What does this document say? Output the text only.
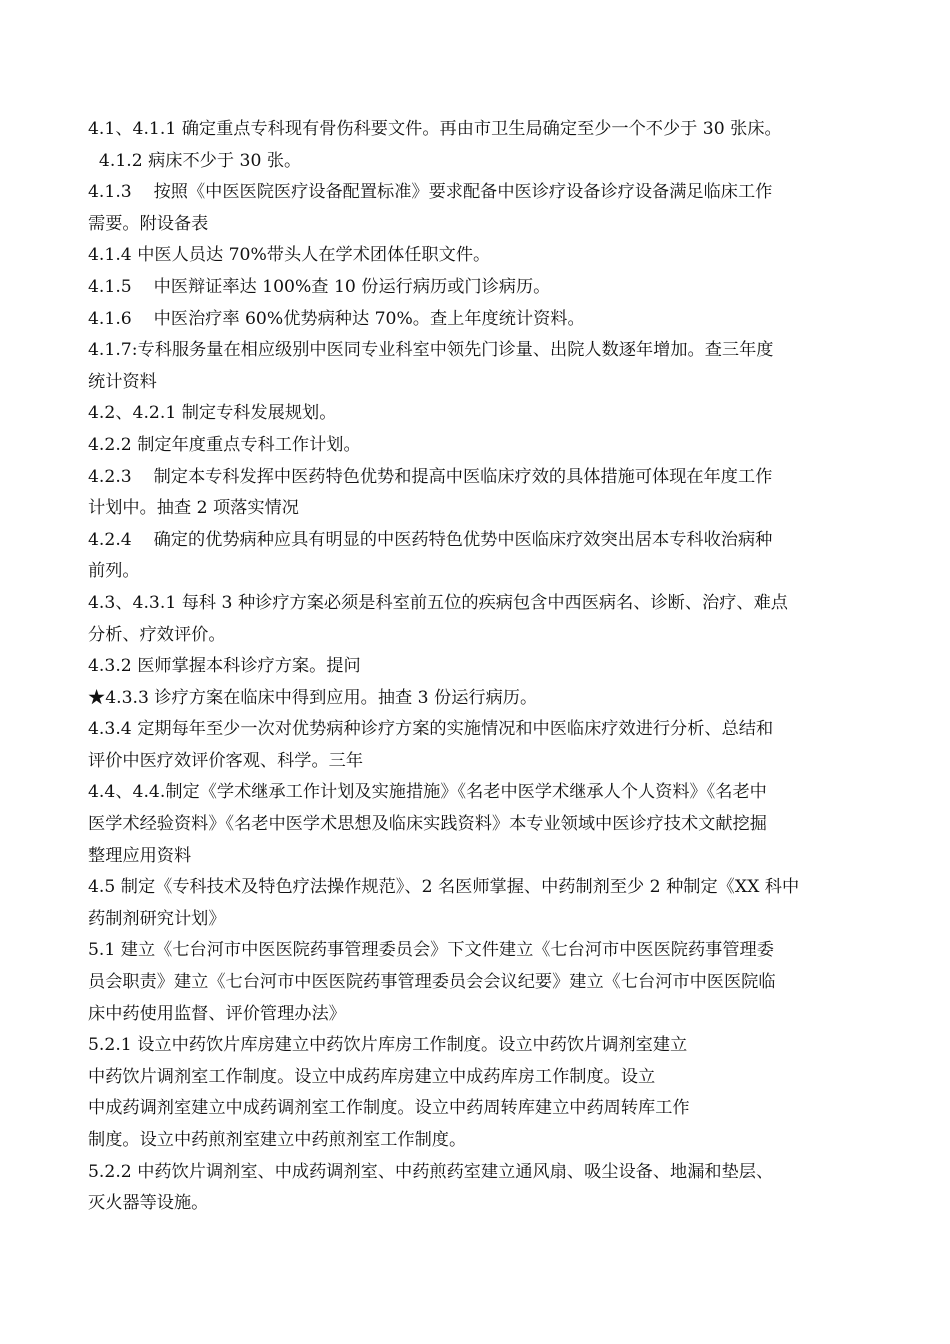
4.1、4.1.1 确定重点专科现有骨伤科要文件。再由市卫生局确定至少一个不少于 30 张床。
4.1.2 病床不少于 30 张。
4.1.3    按照《中医医院医疗设备配置标准》要求配备中医诊疗设备诊疗设备满足临床工作
需要。附设备表
4.1.4 中医人员达 70%带头人在学术团体任职文件。
4.1.5    中医辩证率达 100%查 10 份运行病历或门诊病历。
4.1.6    中医治疗率 60%优势病种达 70%。查上年度统计资料。
4.1.7:专科服务量在相应级别中医同专业科室中领先门诊量、出院人数逐年增加。查三年度
统计资料
4.2、4.2.1 制定专科发展规划。
4.2.2 制定年度重点专科工作计划。
4.2.3    制定本专科发挥中医药特色优势和提高中医临床疗效的具体措施可体现在年度工作
计划中。抽查 2 项落实情况
4.2.4    确定的优势病种应具有明显的中医药特色优势中医临床疗效突出居本专科收治病种
前列。
4.3、4.3.1 每科 3 种诊疗方案必须是科室前五位的疾病包含中西医病名、诊断、治疗、难点
分析、疗效评价。
4.3.2 医师掌握本科诊疗方案。提问
★4.3.3 诊疗方案在临床中得到应用。抽查 3 份运行病历。
4.3.4 定期每年至少一次对优势病种诊疗方案的实施情况和中医临床疗效进行分析、总结和
评价中医疗效评价客观、科学。三年
4.4、4.4.制定《学术继承工作计划及实施措施》《名老中医学术继承人个人资料》《名老中
医学术经验资料》《名老中医学术思想及临床实践资料》本专业领域中医诊疗技术文献挖掘
整理应用资料
4.5 制定《专科技术及特色疗法操作规范》、2 名医师掌握、中药制剂至少 2 种制定《XX 科中
药制剂研究计划》
5.1 建立《七台河市中医医院药事管理委员会》下文件建立《七台河市中医医院药事管理委
员会职责》建立《七台河市中医医院药事管理委员会会议纪要》建立《七台河市中医医院临
床中药使用监督、评价管理办法》
5.2.1 设立中药饮片库房建立中药饮片库房工作制度。设立中药饮片调剂室建立
中药饮片调剂室工作制度。设立中成药库房建立中成药库房工作制度。设立
中成药调剂室建立中成药调剂室工作制度。设立中药周转库建立中药周转库工作
制度。设立中药煎剂室建立中药煎剂室工作制度。
5.2.2 中药饮片调剂室、中成药调剂室、中药煎药室建立通风扇、吸尘设备、地漏和垫层、
灭火器等设施。
